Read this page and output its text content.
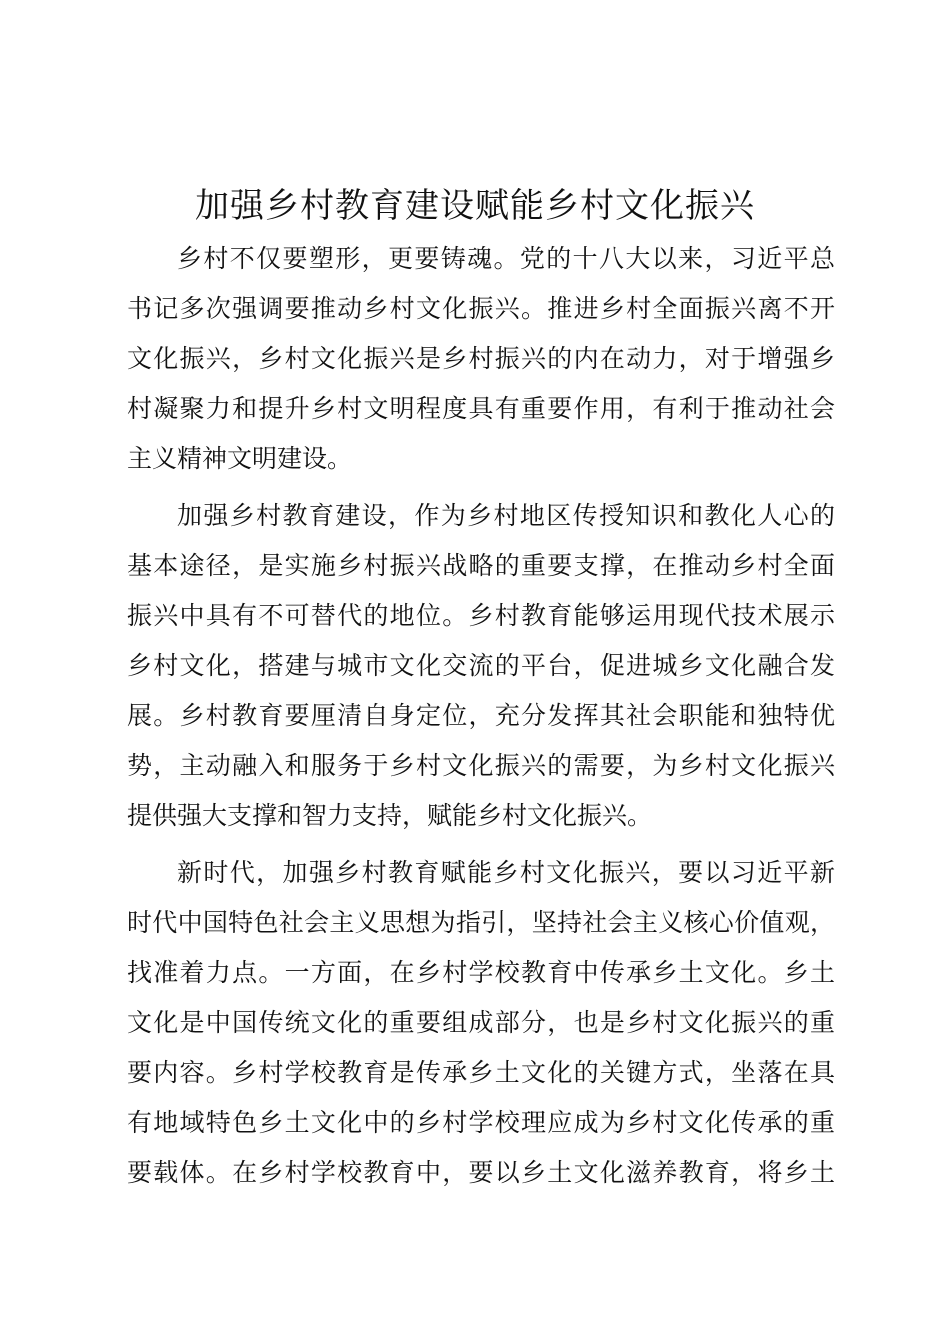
加强乡村教育建设赋能乡村文化振兴

乡村不仅要塑形，更要铸魂。党的十八大以来，习近平总
书记多次强调要推动乡村文化振兴。推进乡村全面振兴离不开
文化振兴，乡村文化振兴是乡村振兴的内在动力，对于增强乡
村凝聚力和提升乡村文明程度具有重要作用，有利于推动社会
主义精神文明建设。

加强乡村教育建设，作为乡村地区传授知识和教化人心的
基本途径，是实施乡村振兴战略的重要支撑，在推动乡村全面
振兴中具有不可替代的地位。乡村教育能够运用现代技术展示
乡村文化，搭建与城市文化交流的平台，促进城乡文化融合发
展。乡村教育要厘清自身定位，充分发挥其社会职能和独特优
势，主动融入和服务于乡村文化振兴的需要，为乡村文化振兴
提供强大支撑和智力支持，赋能乡村文化振兴。

新时代，加强乡村教育赋能乡村文化振兴，要以习近平新
时代中国特色社会主义思想为指引，坚持社会主义核心价值观，
找准着力点。一方面，在乡村学校教育中传承乡土文化。乡土
文化是中国传统文化的重要组成部分，也是乡村文化振兴的重
要内容。乡村学校教育是传承乡土文化的关键方式，坐落在具
有地域特色乡土文化中的乡村学校理应成为乡村文化传承的重
要载体。在乡村学校教育中，要以乡土文化滋养教育，将乡土
